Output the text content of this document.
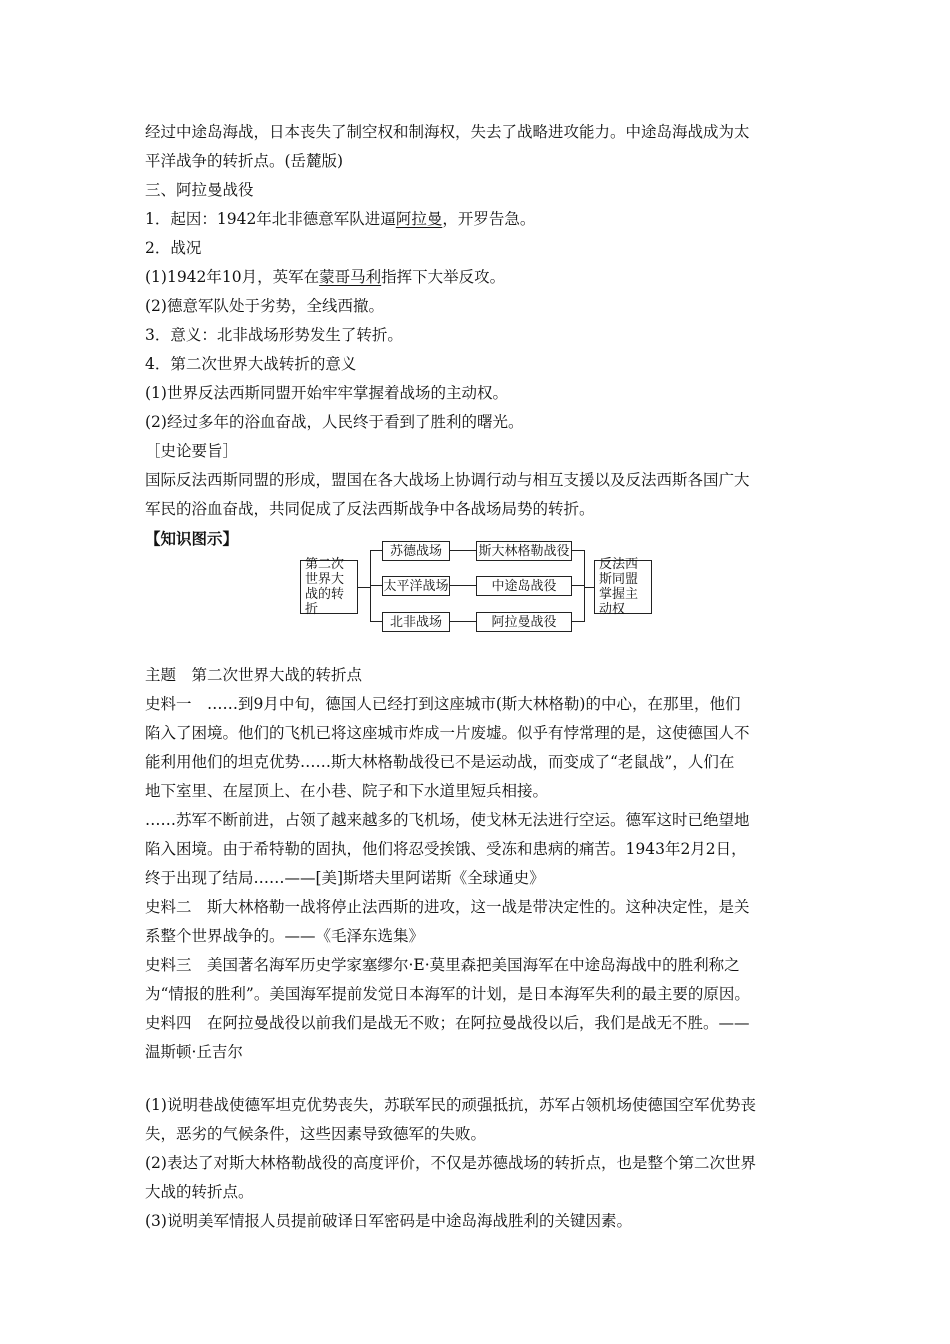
经过中途岛海战，日本丧失了制空权和制海权，失去了战略进攻能力。中途岛海战成为太

平洋战争的转折点。(岳麓版)

三、阿拉曼战役

1．起因：1942年北非德意军队进逼阿拉曼，开罗告急。

2．战况

(1)1942年10月，英军在蒙哥马利指挥下大举反攻。

(2)德意军队处于劣势，全线西撤。

3．意义：北非战场形势发生了转折。

4．第二次世界大战转折的意义

(1)世界反法西斯同盟开始牢牢掌握着战场的主动权。

(2)经过多年的浴血奋战，人民终于看到了胜利的曙光。

［史论要旨］

国际反法西斯同盟的形成，盟国在各大战场上协调行动与相互支援以及反法西斯各国广大

军民的浴血奋战，共同促成了反法西斯战争中各战场局势的转折。

【知识图示】

第二次世界大战的转折
苏德战场
太平洋战场
北非战场
斯大林格勒战役
中途岛战役
阿拉曼战役
反法西斯同盟掌握主动权

主题　第二次世界大战的转折点

史料一　……到9月中旬，德国人已经打到这座城市(斯大林格勒)的中心，在那里，他们

陷入了困境。他们的飞机已将这座城市炸成一片废墟。似乎有悖常理的是，这使德国人不

能利用他们的坦克优势……斯大林格勒战役已不是运动战，而变成了“老鼠战”，人们在

地下室里、在屋顶上、在小巷、院子和下水道里短兵相接。

……苏军不断前进，占领了越来越多的飞机场，使戈林无法进行空运。德军这时已绝望地

陷入困境。由于希特勒的固执，他们将忍受挨饿、受冻和患病的痛苦。1943年2月2日，

终于出现了结局……——[美]斯塔夫里阿诺斯《全球通史》

史料二　斯大林格勒一战将停止法西斯的进攻，这一战是带决定性的。这种决定性，是关

系整个世界战争的。——《毛泽东选集》

史料三　美国著名海军历史学家塞缪尔·E·莫里森把美国海军在中途岛海战中的胜利称之

为“情报的胜利”。美国海军提前发觉日本海军的计划，是日本海军失利的最主要的原因。

史料四　在阿拉曼战役以前我们是战无不败；在阿拉曼战役以后，我们是战无不胜。——

温斯顿·丘吉尔

(1)说明巷战使德军坦克优势丧失，苏联军民的顽强抵抗，苏军占领机场使德国空军优势丧

失，恶劣的气候条件，这些因素导致德军的失败。

(2)表达了对斯大林格勒战役的高度评价，不仅是苏德战场的转折点，也是整个第二次世界

大战的转折点。

(3)说明美军情报人员提前破译日军密码是中途岛海战胜利的关键因素。
